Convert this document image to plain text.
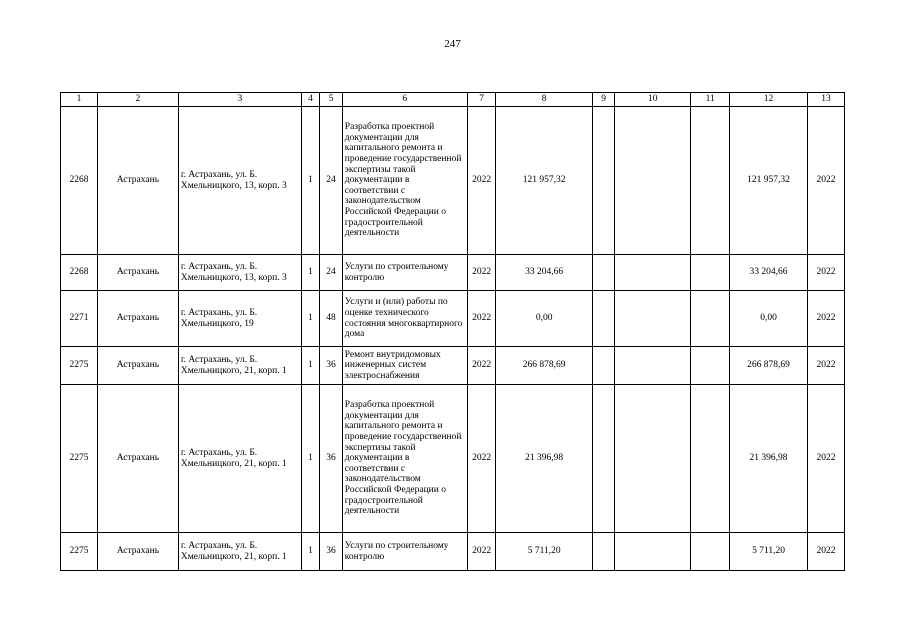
247
1	2	3	4	5	6	7	8	9	10	11	12	13
2268	Астрахань	г. Астрахань, ул. Б. Хмельницкого, 13, корп. 3	1	24	Разработка проектной документации для капитального ремонта и проведение государственной экспертизы такой документации в соответствии с законодательством Российской Федерации о градостроительной деятельности	2022	121 957,32				121 957,32	2022
2268	Астрахань	г. Астрахань, ул. Б. Хмельницкого, 13, корп. 3	1	24	Услуги по строительному контролю	2022	33 204,66				33 204,66	2022
2271	Астрахань	г. Астрахань, ул. Б. Хмельницкого, 19	1	48	Услуги и (или) работы по оценке технического состояния многоквартирного дома	2022	0,00				0,00	2022
2275	Астрахань	г. Астрахань, ул. Б. Хмельницкого, 21, корп. 1	1	36	Ремонт внутридомовых инженерных систем электроснабжения	2022	266 878,69				266 878,69	2022
2275	Астрахань	г. Астрахань, ул. Б. Хмельницкого, 21, корп. 1	1	36	Разработка проектной документации для капитального ремонта и проведение государственной экспертизы такой документации в соответствии с законодательством Российской Федерации о градостроительной деятельности	2022	21 396,98				21 396,98	2022
2275	Астрахань	г. Астрахань, ул. Б. Хмельницкого, 21, корп. 1	1	36	Услуги по строительному контролю	2022	5 711,20				5 711,20	2022
